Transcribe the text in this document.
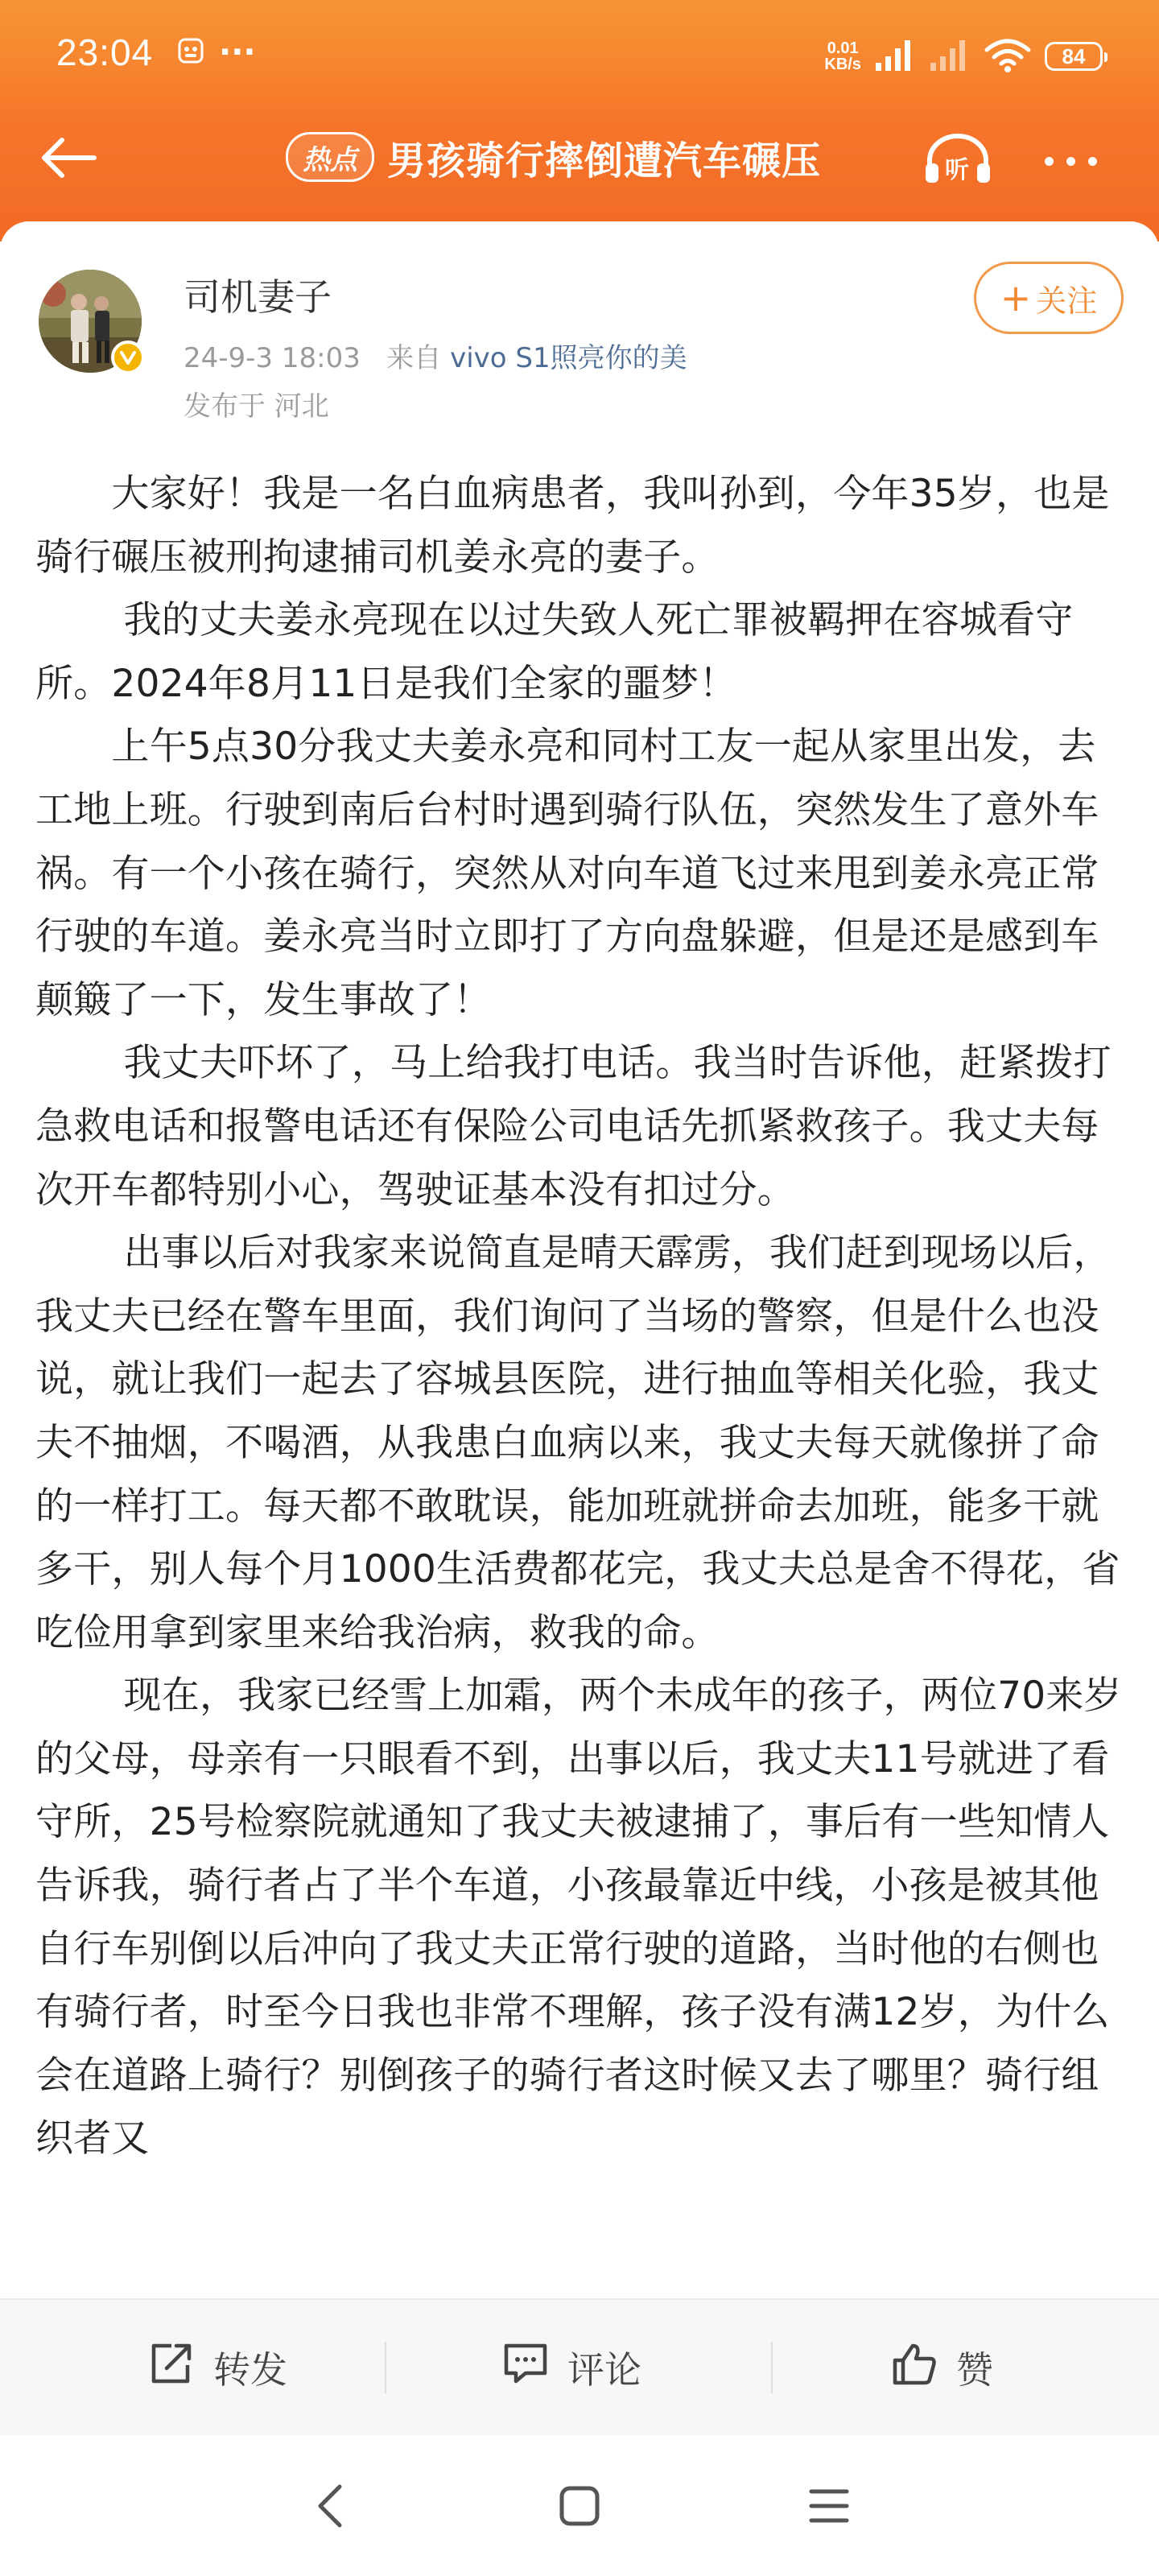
23:04 ···	0.01
KB/s	84
热点 男孩骑行摔倒遭汽车碾压	听
司机妻子
24-9-3 18:03 来自 vivo S1照亮你的美
发布于 河北
+ 关注

　　大家好！我是一名白血病患者，我叫孙到，今年35岁，也是骑行碾压被刑拘逮捕司机姜永亮的妻子。

　　 我的丈夫姜永亮现在以过失致人死亡罪被羁押在容城看守所。2024年8月11日是我们全家的噩梦！

　　上午5点30分我丈夫姜永亮和同村工友一起从家里出发，去工地上班。行驶到南后台村时遇到骑行队伍，突然发生了意外车祸。有一个小孩在骑行，突然从对向车道飞过来甩到姜永亮正常行驶的车道。姜永亮当时立即打了方向盘躲避，但是还是感到车颠簸了一下，发生事故了！

　　 我丈夫吓坏了，马上给我打电话。我当时告诉他，赶紧拨打急救电话和报警电话还有保险公司电话先抓紧救孩子。我丈夫每次开车都特别小心，驾驶证基本没有扣过分。

　　 出事以后对我家来说简直是晴天霹雳，我们赶到现场以后，我丈夫已经在警车里面，我们询问了当场的警察，但是什么也没说，就让我们一起去了容城县医院，进行抽血等相关化验，我丈夫不抽烟，不喝酒，从我患白血病以来，我丈夫每天就像拼了命的一样打工。每天都不敢耽误，能加班就拼命去加班，能多干就多干，别人每个月1000生活费都花完，我丈夫总是舍不得花，省吃俭用拿到家里来给我治病，救我的命。

　　 现在，我家已经雪上加霜，两个未成年的孩子，两位70来岁的父母，母亲有一只眼看不到，出事以后，我丈夫11号就进了看守所，25号检察院就通知了我丈夫被逮捕了，事后有一些知情人告诉我，骑行者占了半个车道，小孩最靠近中线，小孩是被其他自行车别倒以后冲向了我丈夫正常行驶的道路，当时他的右侧也有骑行者，时至今日我也非常不理解，孩子没有满12岁，为什么会在道路上骑行？别倒孩子的骑行者这时候又去了哪里？骑行组织者又

转发	评论	赞
